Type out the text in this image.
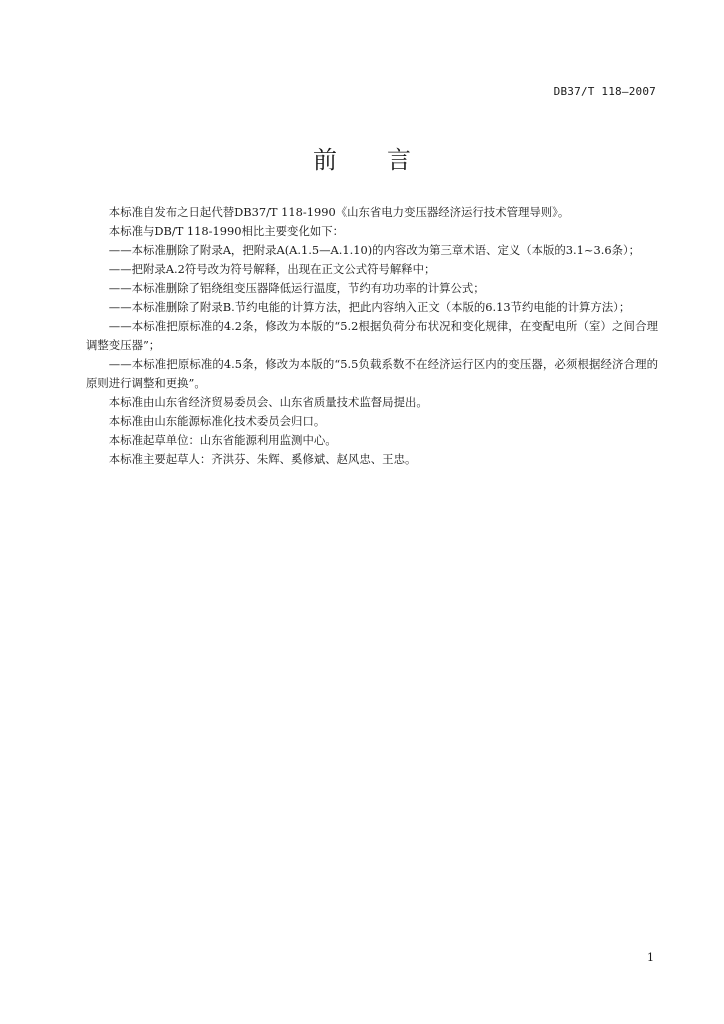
DB37/T 118—2007
前 言

本标准自发布之日起代替DB37/T 118-1990《山东省电力变压器经济运行技术管理导则》。

本标准与DB/T 118-1990相比主要变化如下：

——本标准删除了附录A，把附录A(A.1.5—A.1.10)的内容改为第三章术语、定义（本版的3.1~3.6条）；

——把附录A.2符号改为符号解释，出现在正文公式符号解释中；

——本标准删除了铝绕组变压器降低运行温度，节约有功功率的计算公式；

——本标准删除了附录B.节约电能的计算方法，把此内容纳入正文（本版的6.13节约电能的计算方法）；

——本标准把原标准的4.2条，修改为本版的“5.2根据负荷分布状况和变化规律，在变配电所（室）之间合理调整变压器”；

——本标准把原标准的4.5条，修改为本版的“5.5负载系数不在经济运行区内的变压器，必须根据经济合理的原则进行调整和更换”。

本标准由山东省经济贸易委员会、山东省质量技术监督局提出。

本标准由山东能源标准化技术委员会归口。

本标准起草单位：山东省能源利用监测中心。

本标准主要起草人：齐洪芬、朱辉、奚修斌、赵风忠、王忠。

1
